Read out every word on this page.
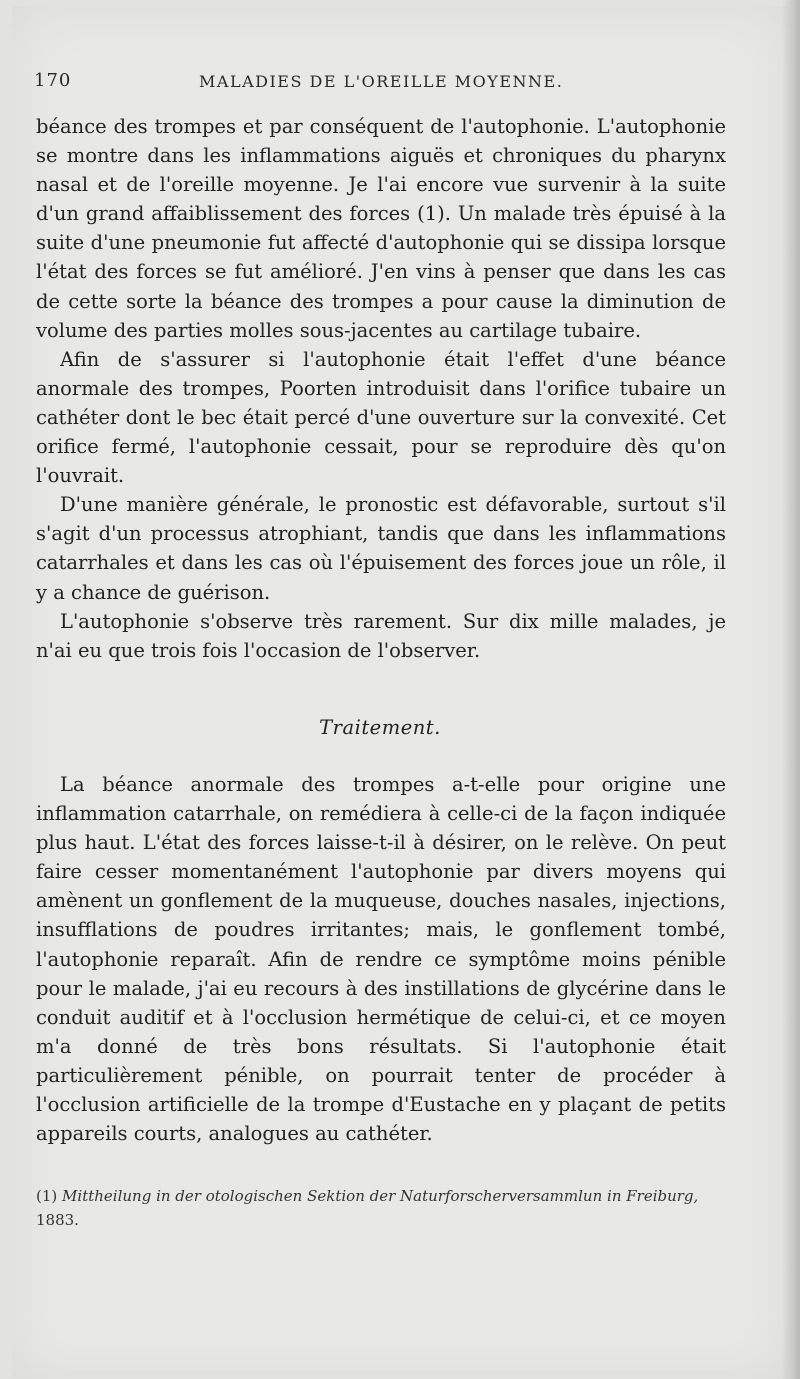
170	MALADIES DE L'OREILLE MOYENNE.

béance des trompes et par conséquent de l'autophonie. L'autophonie se montre dans les inflammations aiguës et chroniques du pharynx nasal et de l'oreille moyenne. Je l'ai encore vue survenir à la suite d'un grand affaiblissement des forces (1). Un malade très épuisé à la suite d'une pneumonie fut affecté d'autophonie qui se dissipa lorsque l'état des forces se fut amélioré. J'en vins à penser que dans les cas de cette sorte la béance des trompes a pour cause la diminution de volume des parties molles sous-jacentes au cartilage tubaire.

Afin de s'assurer si l'autophonie était l'effet d'une béance anormale des trompes, Poorten introduisit dans l'orifice tubaire un cathéter dont le bec était percé d'une ouverture sur la convexité. Cet orifice fermé, l'autophonie cessait, pour se reproduire dès qu'on l'ouvrait.

D'une manière générale, le pronostic est défavorable, surtout s'il s'agit d'un processus atrophiant, tandis que dans les inflammations catarrhales et dans les cas où l'épuisement des forces joue un rôle, il y a chance de guérison.

L'autophonie s'observe très rarement. Sur dix mille malades, je n'ai eu que trois fois l'occasion de l'observer.

Traitement.

La béance anormale des trompes a-t-elle pour origine une inflammation catarrhale, on remédiera à celle-ci de la façon indiquée plus haut. L'état des forces laisse-t-il à désirer, on le relève. On peut faire cesser momentanément l'autophonie par divers moyens qui amènent un gonflement de la muqueuse, douches nasales, injections, insufflations de poudres irritantes; mais, le gonflement tombé, l'autophonie reparaît. Afin de rendre ce symptôme moins pénible pour le malade, j'ai eu recours à des instillations de glycérine dans le conduit auditif et à l'occlusion hermétique de celui-ci, et ce moyen m'a donné de très bons résultats. Si l'autophonie était particulièrement pénible, on pourrait tenter de procéder à l'occlusion artificielle de la trompe d'Eustache en y plaçant de petits appareils courts, analogues au cathéter.

(1) Mittheilung in der otologischen Sektion der Naturforscherversammlun in Freiburg, 1883.
